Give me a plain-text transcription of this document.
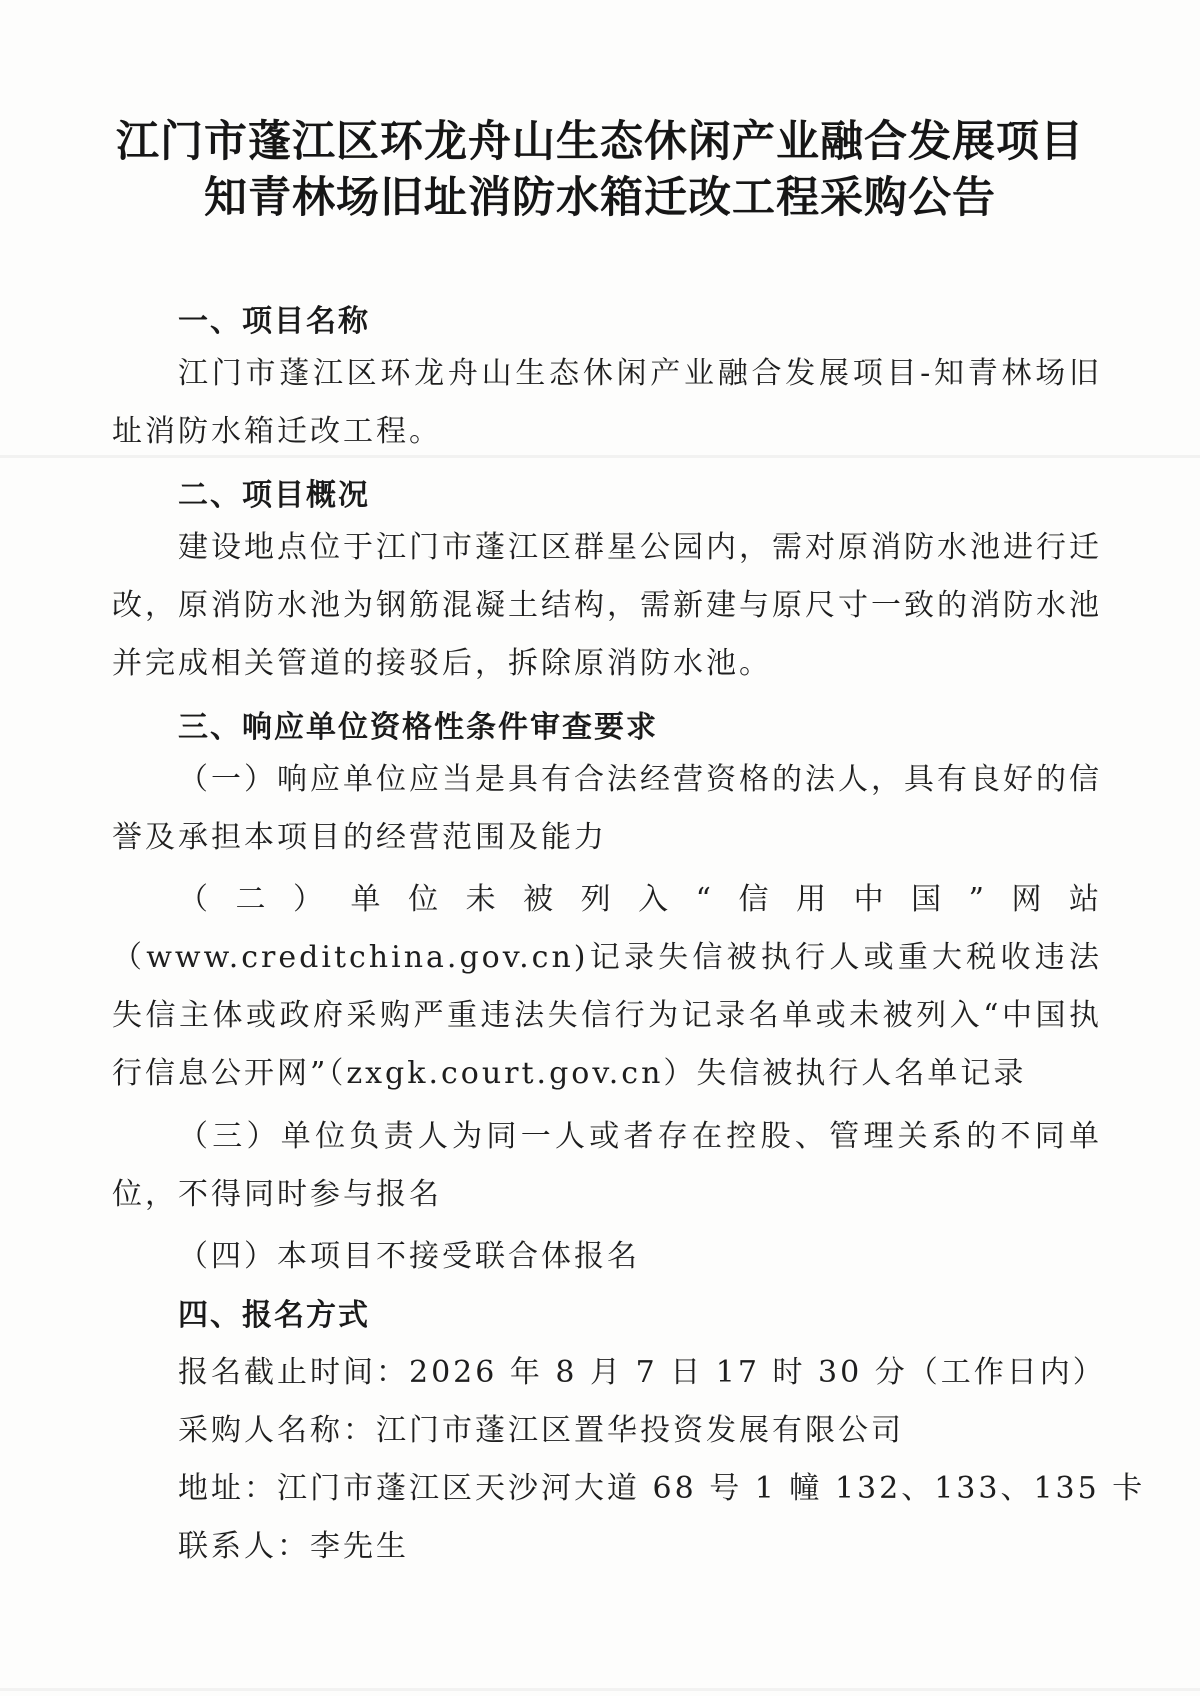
江门市蓬江区环龙舟山生态休闲产业融合发展项目
知青林场旧址消防水箱迁改工程采购公告
一、项目名称

江门市蓬江区环龙舟山生态休闲产业融合发展项目-知青林场旧址消防水箱迁改工程。

二、项目概况

建设地点位于江门市蓬江区群星公园内，需对原消防水池进行迁改，原消防水池为钢筋混凝土结构，需新建与原尺寸一致的消防水池并完成相关管道的接驳后，拆除原消防水池。

三、响应单位资格性条件审查要求

（一）响应单位应当是具有合法经营资格的法人，具有良好的信誉及承担本项目的经营范围及能力

（二）单位未被列入“信用中国”网站（www.creditchina.gov.cn)记录失信被执行人或重大税收违法失信主体或政府采购严重违法失信行为记录名单或未被列入“中国执行信息公开网”（zxgk.court.gov.cn）失信被执行人名单记录

（三）单位负责人为同一人或者存在控股、管理关系的不同单位，不得同时参与报名

（四）本项目不接受联合体报名

四、报名方式
报名截止时间：2026 年 8 月 7 日 17 时 30 分（工作日内）
采购人名称：江门市蓬江区置华投资发展有限公司
地址：江门市蓬江区天沙河大道 68 号 1 幢 132、133、135 卡
联系人：李先生
